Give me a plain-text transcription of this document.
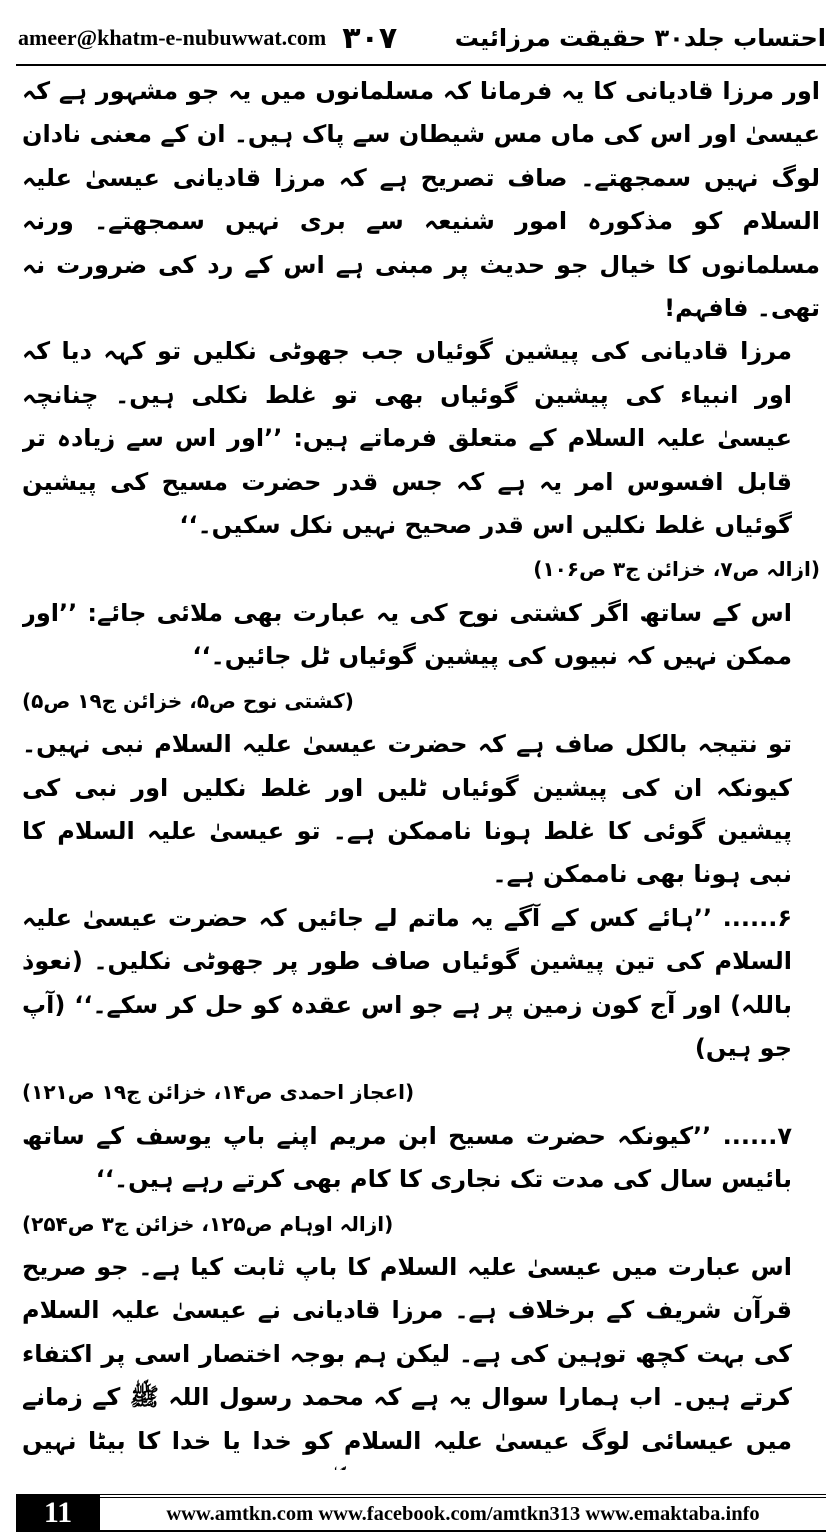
ameer@khatm-e-nubuwwat.com ۳۰۷ احتساب جلد۳۰ حقیقت مرزائیت

اور مرزا قادیانی کا یہ فرمانا کہ مسلمانوں میں یہ جو مشہور ہے کہ عیسیٰ اور اس کی ماں مس شیطان سے پاک ہیں۔ ان کے معنی نادان لوگ نہیں سمجھتے۔ صاف تصریح ہے کہ مرزا قادیانی عیسیٰ علیہ السلام کو مذکورہ امور شنیعہ سے بری نہیں سمجھتے۔ ورنہ مسلمانوں کا خیال جو حدیث پر مبنی ہے اس کے رد کی ضرورت نہ تھی۔ فافہم!

مرزا قادیانی کی پیشین گوئیاں جب جھوٹی نکلیں تو کہہ دیا کہ اور انبیاء کی پیشین گوئیاں بھی تو غلط نکلی ہیں۔ چنانچہ عیسیٰ علیہ السلام کے متعلق فرماتے ہیں: ’’اور اس سے زیادہ تر قابل افسوس امر یہ ہے کہ جس قدر حضرت مسیح کی پیشین گوئیاں غلط نکلیں اس قدر صحیح نہیں نکل سکیں۔‘‘

(ازالہ ص۷، خزائن ج۳ ص۱۰۶)

اس کے ساتھ اگر کشتی نوح کی یہ عبارت بھی ملائی جائے: ’’اور ممکن نہیں کہ نبیوں کی پیشین گوئیاں ٹل جائیں۔‘‘

(کشتی نوح ص۵، خزائن ج۱۹ ص۵)

تو نتیجہ بالکل صاف ہے کہ حضرت عیسیٰ علیہ السلام نبی نہیں۔ کیونکہ ان کی پیشین گوئیاں ٹلیں اور غلط نکلیں اور نبی کی پیشین گوئی کا غلط ہونا ناممکن ہے۔ تو عیسیٰ علیہ السلام کا نبی ہونا بھی ناممکن ہے۔

۶...... ’’ہائے کس کے آگے یہ ماتم لے جائیں کہ حضرت عیسیٰ علیہ السلام کی تین پیشین گوئیاں صاف طور پر جھوٹی نکلیں۔ (نعوذ باللہ) اور آج کون زمین پر ہے جو اس عقدہ کو حل کر سکے۔‘‘ (آپ جو ہیں)

(اعجاز احمدی ص۱۴، خزائن ج۱۹ ص۱۲۱)

۷...... ’’کیونکہ حضرت مسیح ابن مریم اپنے باپ یوسف کے ساتھ بائیس سال کی مدت تک نجاری کا کام بھی کرتے رہے ہیں۔‘‘

(ازالہ اوہام ص۱۲۵، خزائن ج۳ ص۲۵۴)

اس عبارت میں عیسیٰ علیہ السلام کا باپ ثابت کیا ہے۔ جو صریح قرآن شریف کے برخلاف ہے۔ مرزا قادیانی نے عیسیٰ علیہ السلام کی بہت کچھ توہین کی ہے۔ لیکن ہم بوجہ اختصار اسی پر اکتفاء کرتے ہیں۔ اب ہمارا سوال یہ ہے کہ محمد رسول اللہ ﷺ کے زمانے میں عیسائی لوگ عیسیٰ علیہ السلام کو خدا یا خدا کا بیٹا نہیں

11	www.amtkn.com www.facebook.com/amtkn313 www.emaktaba.info
